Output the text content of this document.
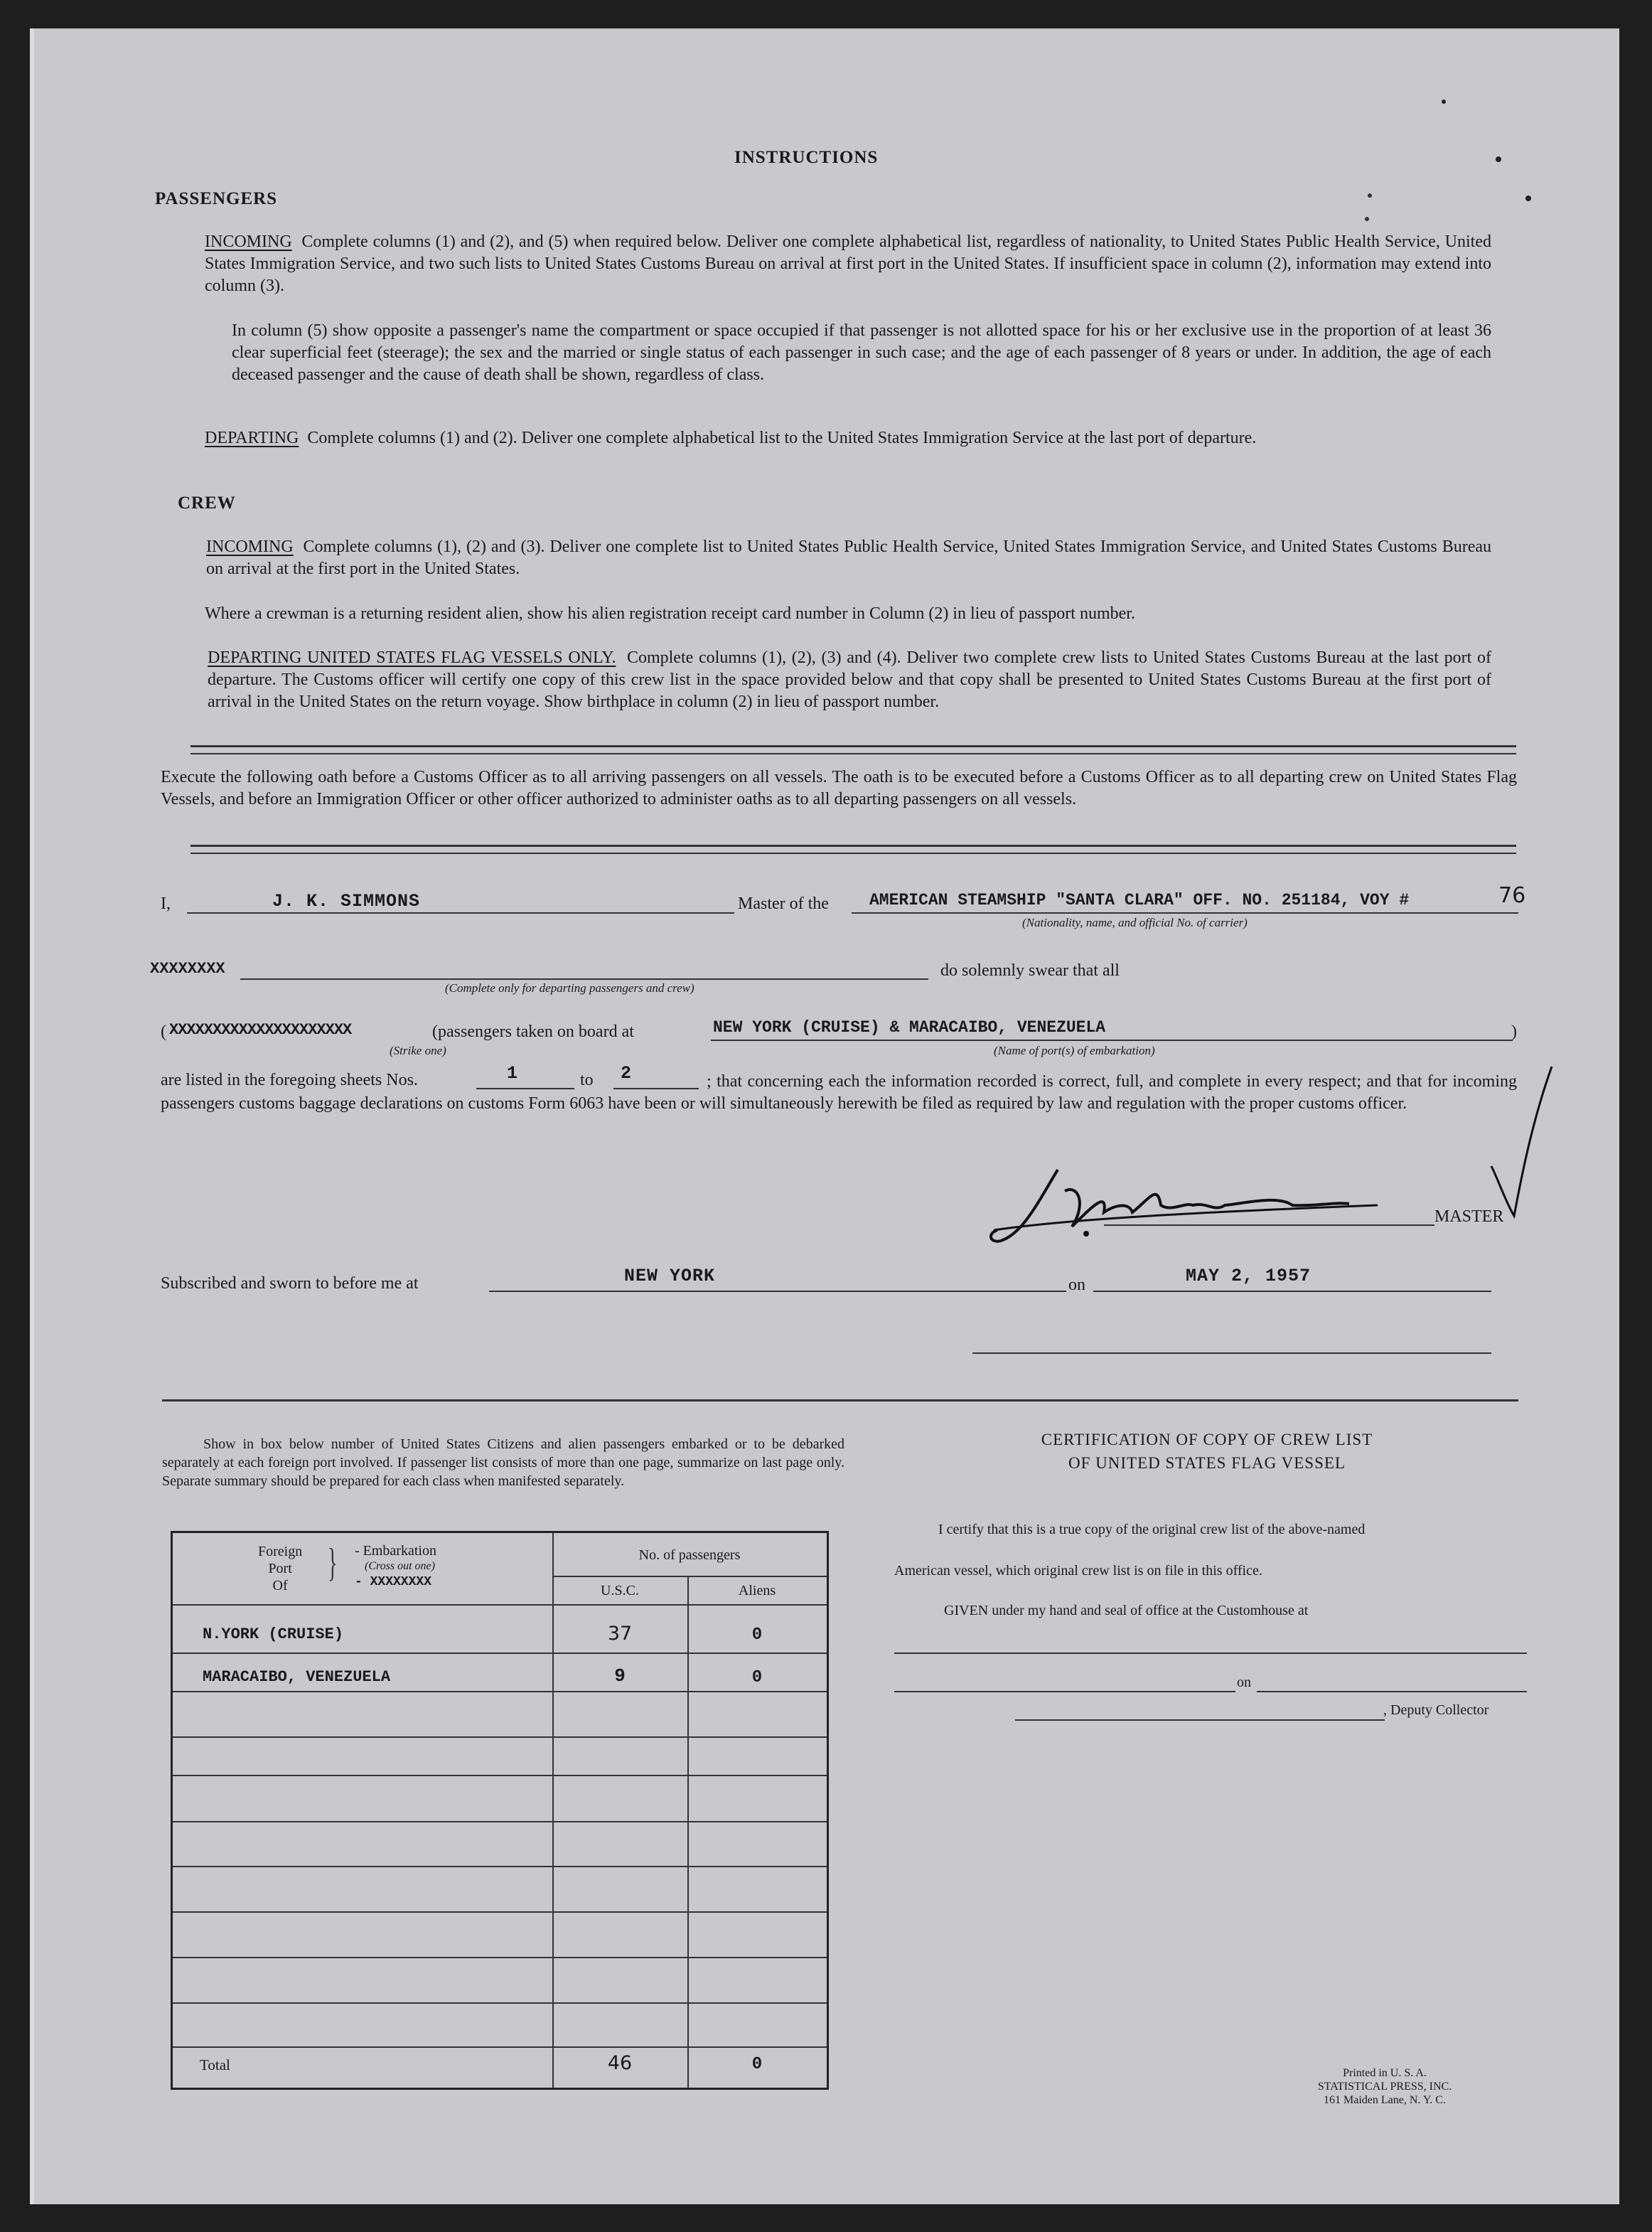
INSTRUCTIONS
PASSENGERS
INCOMING Complete columns (1) and (2), and (5) when required below. Deliver one complete alphabetical list, regardless of nationality, to United States Public Health Service, United States Immigration Service, and two such lists to United States Customs Bureau on arrival at first port in the United States. If insufficient space in column (2), information may extend into column (3).
In column (5) show opposite a passenger's name the compartment or space occupied if that passenger is not allotted space for his or her exclusive use in the proportion of at least 36 clear superficial feet (steerage); the sex and the married or single status of each passenger in such case; and the age of each passenger of 8 years or under. In addition, the age of each deceased passenger and the cause of death shall be shown, regardless of class.
DEPARTING Complete columns (1) and (2). Deliver one complete alphabetical list to the United States Immigration Service at the last port of departure.
CREW
INCOMING Complete columns (1), (2) and (3). Deliver one complete list to United States Public Health Service, United States Immigration Service, and United States Customs Bureau on arrival at the first port in the United States.
Where a crewman is a returning resident alien, show his alien registration receipt card number in Column (2) in lieu of passport number.
DEPARTING UNITED STATES FLAG VESSELS ONLY. Complete columns (1), (2), (3) and (4). Deliver two complete crew lists to United States Customs Bureau at the last port of departure. The Customs officer will certify one copy of this crew list in the space provided below and that copy shall be presented to United States Customs Bureau at the first port of arrival in the United States on the return voyage. Show birthplace in column (2) in lieu of passport number.
Execute the following oath before a Customs Officer as to all arriving passengers on all vessels. The oath is to be executed before a Customs Officer as to all departing crew on United States Flag Vessels, and before an Immigration Officer or other officer authorized to administer oaths as to all departing passengers on all vessels.
I,	J. K. SIMMONS	Master of the AMERICAN STEAMSHIP "SANTA CLARA" OFF. NO. 251184, VOY #	76
(Nationality, name, and official No. of carrier)
XXXXXXXX
(Complete only for departing passengers and crew)
do solemnly swear that all
( XXXXXXXXXXXXXXXXXXXXX
(Strike one)
(passengers taken on board at	NEW YORK (CRUISE) & MARACAIBO, VENEZUELA	)
(Name of port(s) of embarkation)
are listed in the foregoing sheets Nos.	1	to 2	; that concerning each the information recorded is correct, full, and complete in every respect; and that for incoming passengers customs baggage declarations on customs Form 6063 have been or will simultaneously herewith be filed as required by law and regulation with the proper customs officer.
MASTER
Subscribed and sworn to before me at	NEW YORK	on	MAY 2, 1957
Show in box below number of United States Citizens and alien passengers embarked or to be debarked separately at each foreign port involved. If passenger list consists of more than one page, summarize on last page only. Separate summary should be prepared for each class when manifested separately.
Foreign
Port
Of
} - Embarkation
(Cross out one)
- XXXXXXXX
No. of passengers
U.S.C.	Aliens
N.YORK (CRUISE)	37	0
MARACAIBO, VENEZUELA	9	0
Total	46	0
CERTIFICATION OF COPY OF CREW LIST
OF UNITED STATES FLAG VESSEL
I certify that this is a true copy of the original crew list of the above-named
American vessel, which original crew list is on file in this office.
GIVEN under my hand and seal of office at the Customhouse at
on
, Deputy Collector
Printed in U. S. A.
STATISTICAL PRESS, INC.
161 Maiden Lane, N. Y. C.
